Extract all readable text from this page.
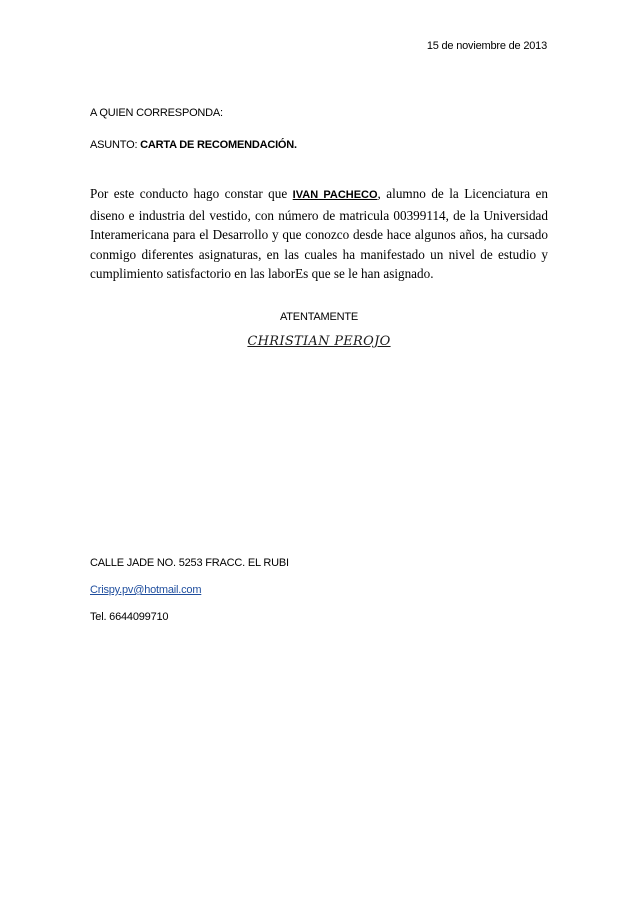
15 de noviembre de 2013
A QUIEN CORRESPONDA:
ASUNTO: CARTA DE RECOMENDACIÓN.
Por este conducto hago constar que IVAN PACHECO, alumno de la Licenciatura en diseno e industria del vestido, con número de matricula 00399114, de la Universidad Interamericana para el Desarrollo y que conozco desde hace algunos años, ha cursado conmigo diferentes asignaturas, en las cuales ha manifestado un nivel de estudio y cumplimiento satisfactorio en las laborEs que se le han asignado.
ATENTAMENTE
CHRISTIAN PEROJO
CALLE JADE NO. 5253 FRACC. EL RUBI
Crispy.pv@hotmail.com
Tel. 6644099710
